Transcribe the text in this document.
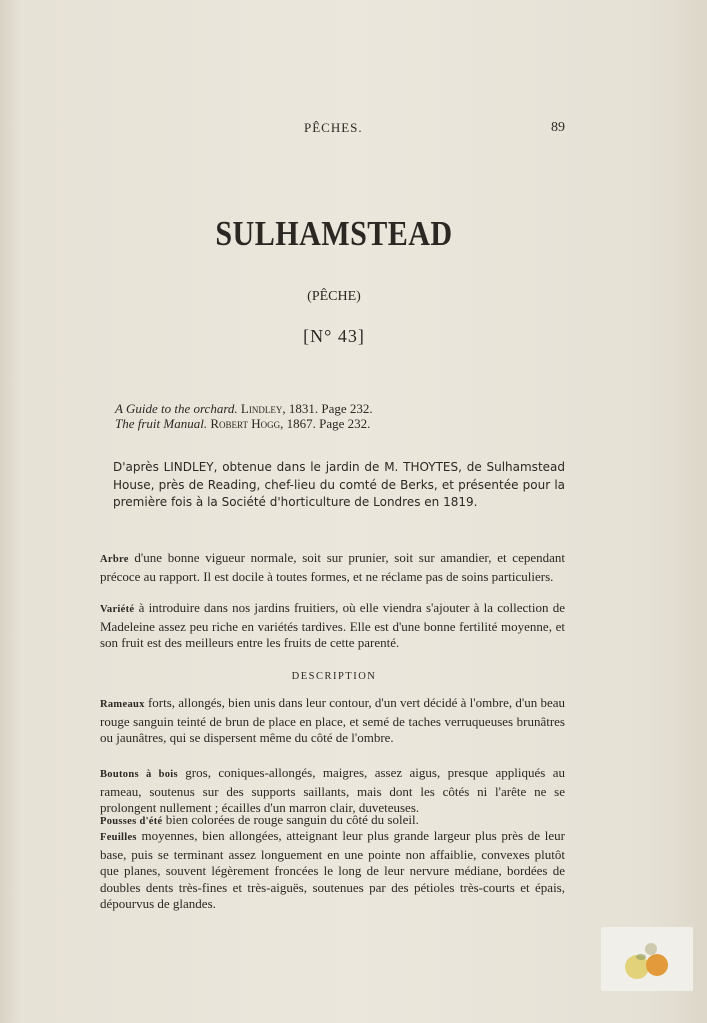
PÊCHES.	89
SULHAMSTEAD
(PÊCHE)
[N° 43]
A Guide to the orchard. Lindley, 1831. Page 232.
The fruit Manual. Robert Hogg, 1867. Page 232.
D'après LINDLEY, obtenue dans le jardin de M. THOYTES, de Sulhamstead House, près de Reading, chef-lieu du comté de Berks, et présentée pour la première fois à la Société d'horticulture de Londres en 1819.
Arbre d'une bonne vigueur normale, soit sur prunier, soit sur amandier, et cependant précoce au rapport. Il est docile à toutes formes, et ne réclame pas de soins particuliers.
Variété à introduire dans nos jardins fruitiers, où elle viendra s'ajouter à la collection de Madeleine assez peu riche en variétés tardives. Elle est d'une bonne fertilité moyenne, et son fruit est des meilleurs entre les fruits de cette parenté.
DESCRIPTION
Rameaux forts, allongés, bien unis dans leur contour, d'un vert décidé à l'ombre, d'un beau rouge sanguin teinté de brun de place en place, et semé de taches verruqueuses brunâtres ou jaunâtres, qui se dispersent même du côté de l'ombre.
Boutons à bois gros, coniques-allongés, maigres, assez aigus, presque appliqués au rameau, soutenus sur des supports saillants, mais dont les côtés ni l'arête ne se prolongent nullement ; écailles d'un marron clair, duveteuses.
Pousses d'été bien colorées de rouge sanguin du côté du soleil.
Feuilles moyennes, bien allongées, atteignant leur plus grande largeur plus près de leur base, puis se terminant assez longuement en une pointe non affaiblie, convexes plutôt que planes, souvent légèrement froncées le long de leur nervure médiane, bordées de doubles dents très-fines et très-aiguës, soutenues par des pétioles très-courts et épais, dépourvus de glandes.
